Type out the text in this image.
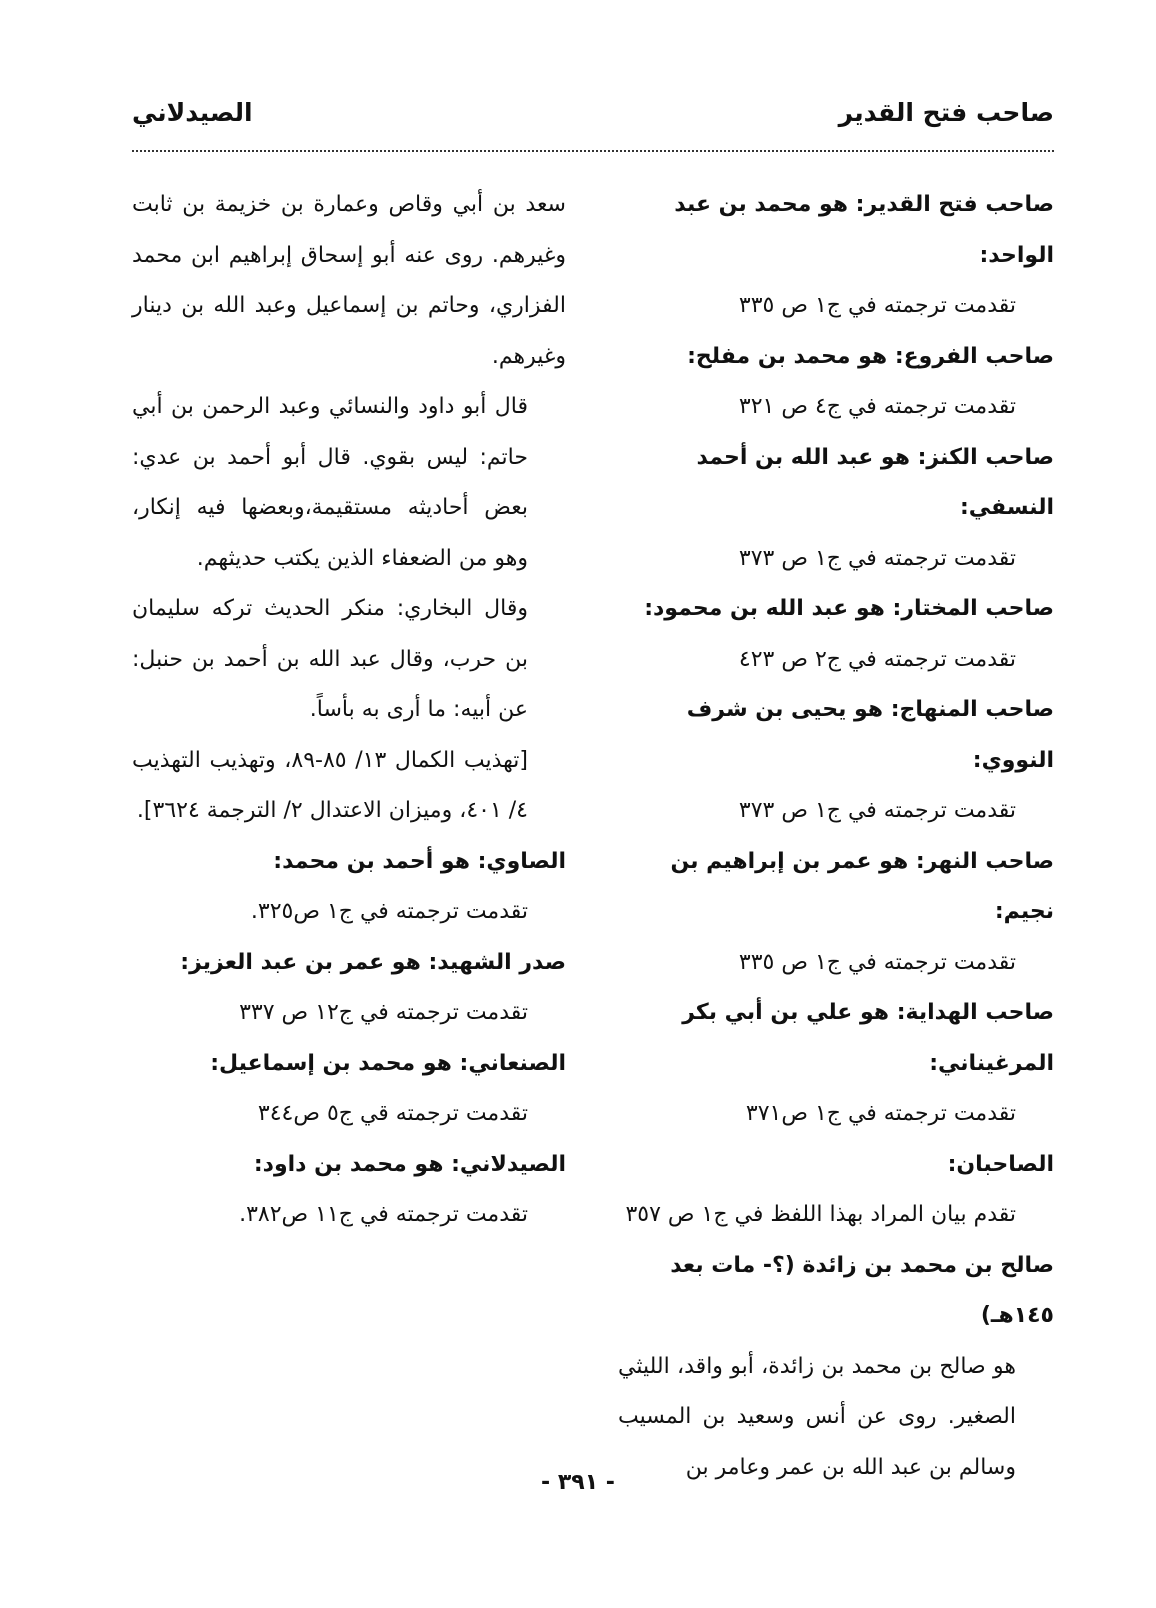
صاحب فتح القدير
الصيدلاني

صاحب فتح القدير: هو محمد بن عبد الواحد:

تقدمت ترجمته في ج١ ص ٣٣٥

صاحب الفروع: هو محمد بن مفلح:

تقدمت ترجمته في ج٤ ص ٣٢١

صاحب الكنز: هو عبد الله بن أحمد النسفي:

تقدمت ترجمته في ج١ ص ٣٧٣

صاحب المختار: هو عبد الله بن محمود:

تقدمت ترجمته في ج٢ ص ٤٢٣

صاحب المنهاج: هو يحيى بن شرف النووي:

تقدمت ترجمته في ج١ ص ٣٧٣

صاحب النهر: هو عمر بن إبراهيم بن نجيم:

تقدمت ترجمته في ج١ ص ٣٣٥

صاحب الهداية: هو علي بن أبي بكر المرغيناني:

تقدمت ترجمته في ج١ ص٣٧١

الصاحبان:

تقدم بيان المراد بهذا اللفظ في ج١ ص ٣٥٧

صالح بن محمد بن زائدة (؟- مات بعد ١٤٥هـ)

هو صالح بن محمد بن زائدة، أبو واقد، الليثي الصغير. روى عن أنس وسعيد بن المسيب وسالم بن عبد الله بن عمر وعامر بن

سعد بن أبي وقاص وعمارة بن خزيمة بن ثابت وغيرهم. روى عنه أبو إسحاق إبراهيم ابن محمد الفزاري، وحاتم بن إسماعيل وعبد الله بن دينار وغيرهم.

قال أبو داود والنسائي وعبد الرحمن بن أبي حاتم: ليس بقوي. قال أبو أحمد بن عدي: بعض أحاديثه مستقيمة،وبعضها فيه إنكار، وهو من الضعفاء الذين يكتب حديثهم.

وقال البخاري: منكر الحديث تركه سليمان بن حرب، وقال عبد الله بن أحمد بن حنبل: عن أبيه: ما أرى به بأساً.

[تهذيب الكمال ١٣/ ٨٥-٨٩، وتهذيب التهذيب ٤/ ٤٠١، وميزان الاعتدال ٢/ الترجمة ٣٦٢٤].

الصاوي: هو أحمد بن محمد:

تقدمت ترجمته في ج١ ص٣٢٥.

صدر الشهيد: هو عمر بن عبد العزيز:

تقدمت ترجمته في ج١٢ ص ٣٣٧

الصنعاني: هو محمد بن إسماعيل:

تقدمت ترجمته قي ج٥ ص٣٤٤

الصيدلاني: هو محمد بن داود:

تقدمت ترجمته في ج١١ ص٣٨٢.

- ٣٩١ -
